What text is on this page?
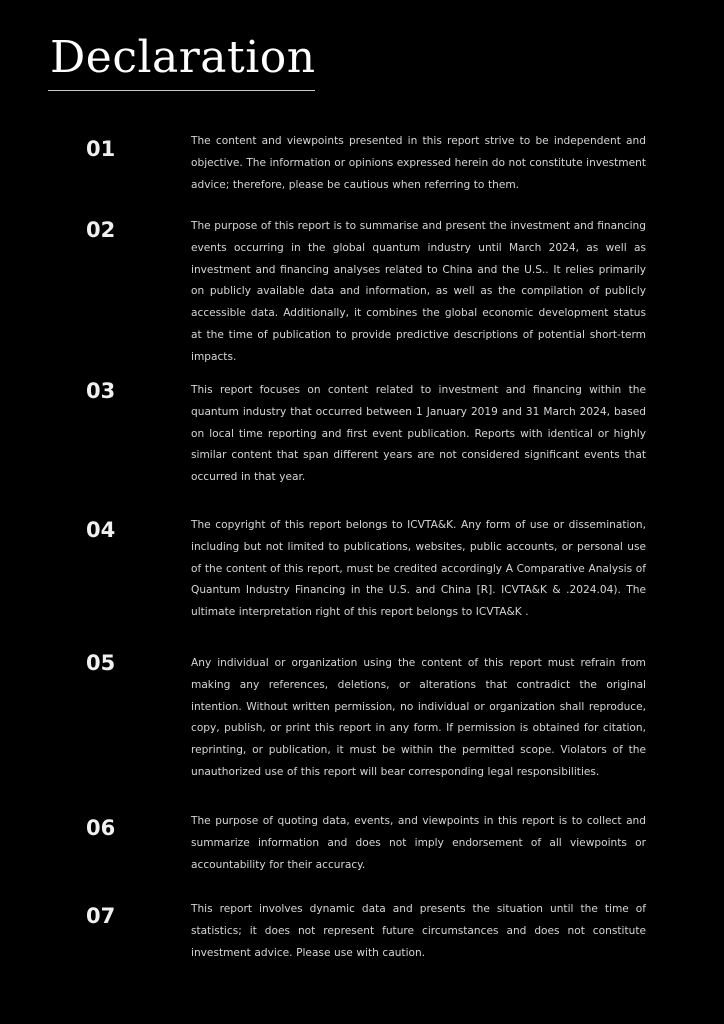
Declaration
01	The content and viewpoints presented in this report strive to be independent and objective. The information or opinions expressed herein do not constitute investment advice; therefore, please be cautious when referring to them.

02	The purpose of this report is to summarise and present the investment and financing events occurring in the global quantum industry until March 2024, as well as investment and financing analyses related to China and the U.S.. It relies primarily on publicly available data and information, as well as the compilation of publicly accessible data. Additionally, it combines the global economic development status at the time of publication to provide predictive descriptions of potential short-term impacts.

03	This report focuses on content related to investment and financing within the quantum industry that occurred between 1 January 2019 and 31 March 2024, based on local time reporting and first event publication. Reports with identical or highly similar content that span different years are not considered significant events that occurred in that year.

04	The copyright of this report belongs to ICVTA&K. Any form of use or dissemination, including but not limited to publications, websites, public accounts, or personal use of the content of this report, must be credited accordingly A Comparative Analysis of Quantum Industry Financing in the U.S. and China [R]. ICVTA&K & .2024.04). The ultimate interpretation right of this report belongs to ICVTA&K .

05	Any individual or organization using the content of this report must refrain from making any references, deletions, or alterations that contradict the original intention. Without written permission, no individual or organization shall reproduce, copy, publish, or print this report in any form. If permission is obtained for citation, reprinting, or publication, it must be within the permitted scope. Violators of the unauthorized use of this report will bear corresponding legal responsibilities.

06	The purpose of quoting data, events, and viewpoints in this report is to collect and summarize information and does not imply endorsement of all viewpoints or accountability for their accuracy.

07	This report involves dynamic data and presents the situation until the time of statistics; it does not represent future circumstances and does not constitute investment advice. Please use with caution.
